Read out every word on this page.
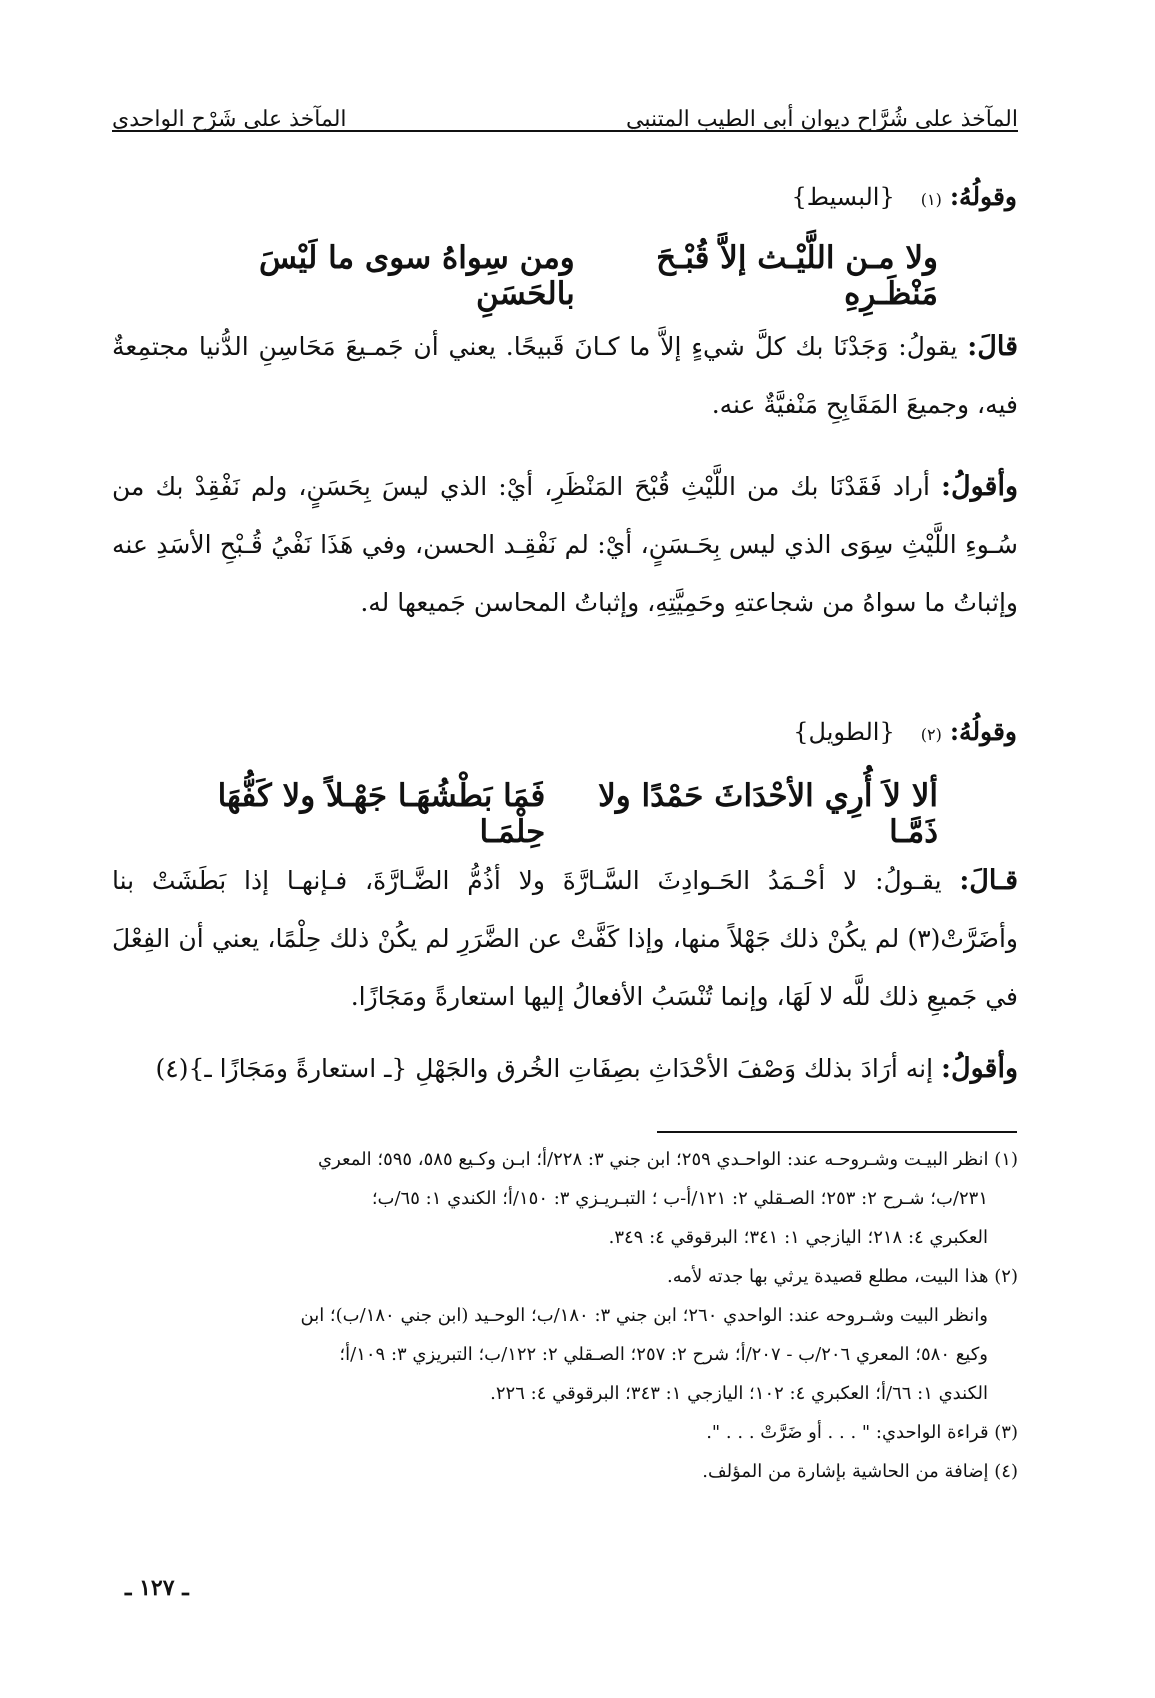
المآخذ على شُرَّاح ديوان أبي الطيب المتنبي
المآخذ على شَرْح الواحدي
وقولُهُ:
(١)
{البسيط}
ولا مـن اللَّيْـث إلاَّ قُبْـحَ مَنْظَـرِهِ
ومن سِواهُ سوى ما لَيْسَ بالحَسَنِ
قالَ: يقولُ: وَجَدْنَا بك كلَّ شيءٍ إلاَّ ما كـانَ قَبيحًا. يعني أن جَمـيعَ مَحَاسِنِ الدُّنيا مجتمِعةٌ فيه، وجميعَ المَقَابِحِ مَنْفيَّةٌ عنه.
وأقولُ: أراد فَقَدْنَا بك من اللَّيْثِ قُبْحَ المَنْظَرِ، أيْ: الذي ليسَ بِحَسَنٍ، ولم نَفْقِدْ بك من سُـوءِ اللَّيْثِ سِوَى الذي ليس بِحَـسَنٍ، أيْ: لم نَفْقِـد الحسن، وفي هَذَا نَفْيُ قُـبْحِ الأسَدِ عنه وإثباتُ ما سواهُ من شجاعتهِ وحَمِيَّتِهِ، وإثباتُ المحاسن جَميعها له.
وقولُهُ:
(٢)
{الطويل}
ألا لاَ أُرِي الأحْدَاثَ حَمْدًا ولا ذَمَّـا
فَمَا بَطْشُهَـا جَهْـلاً ولا كَفُّهَا حِلْمَـا
قـالَ: يقـولُ: لا أحْـمَدُ الحَـوادِثَ السَّـارَّةَ ولا أذُمُّ الضَّـارَّةَ، فـإنهـا إذا بَطَشَتْ بنا وأضَرَّتْ(٣) لم يكُنْ ذلك جَهْلاً منها، وإذا كَفَّتْ عن الضَّرَرِ لم يكُنْ ذلك حِلْمًا، يعني أن الفِعْلَ في جَميعِ ذلك للَّه لا لَهَا، وإنما تُنْسَبُ الأفعالُ إليها استعارةً ومَجَازًا.
وأقولُ: إنه أرَادَ بذلك وَصْفَ الأحْدَاثِ بصِفَاتِ الخُرق والجَهْلِ {ـ استعارةً ومَجَازًا ـ}(٤)

(١) انظر البيـت وشـروحـه عند: الواحـدي ٢٥٩؛ ابن جني ٣: ٢٢٨/أ؛ ابـن وكـيع ٥٨٥، ٥٩٥؛ المعري

٢٣١/ب؛ شـرح ٢: ٢٥٣؛ الصـقلي ٢: ١٢١/أ-ب ؛ التبـريـزي ٣: ١٥٠/أ؛ الكندي ١: ٦٥/ب؛

العكبري ٤: ٢١٨؛ اليازجي ١: ٣٤١؛ البرقوقي ٤: ٣٤٩.

(٢) هذا البيت، مطلع قصيدة يرثي بها جدته لأمه.

وانظر البيت وشـروحه عند: الواحدي ٢٦٠؛ ابن جني ٣: ١٨٠/ب؛ الوحـيد (ابن جني ١٨٠/ب)؛ ابن

وكيع ٥٨٠؛ المعري ٢٠٦/ب - ٢٠٧/أ؛ شرح ٢: ٢٥٧؛ الصـقلي ٢: ١٢٢/ب؛ التبريزي ٣: ١٠٩/أ؛

الكندي ١: ٦٦/أ؛ العكبري ٤: ١٠٢؛ اليازجي ١: ٣٤٣؛ البرقوقي ٤: ٢٢٦.

(٣) قراءة الواحدي: " . . . أو ضَرَّتْ . . . ".

(٤) إضافة من الحاشية بإشارة من المؤلف.

ـ ١٢٧ ـ
